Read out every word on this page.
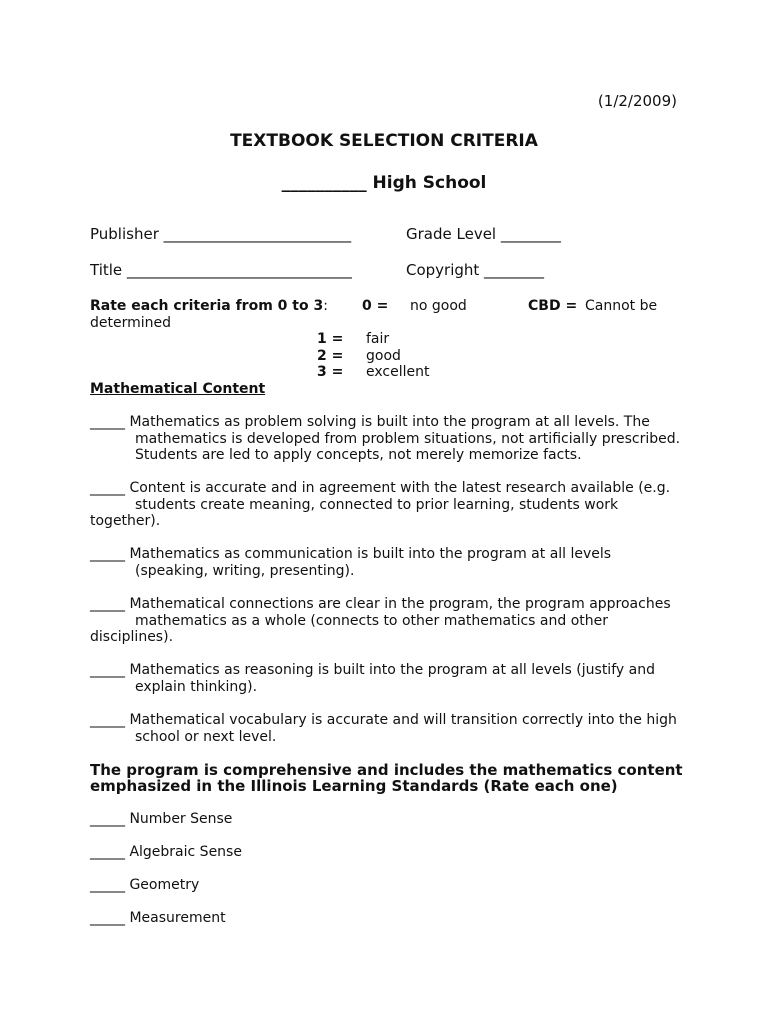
(1/2/2009)
TEXTBOOK SELECTION CRITERIA
__________ High School
Publisher _________________________	Grade Level ________
Title ______________________________	Copyright ________
Rate each criteria from 0 to 3: 0 = no good	CBD = Cannot be
determined
1 = fair
2 = good
3 = excellent
Mathematical Content
_____ Mathematics as problem solving is built into the program at all levels. The
mathematics is developed from problem situations, not artificially prescribed.
Students are led to apply concepts, not merely memorize facts.
_____ Content is accurate and in agreement with the latest research available (e.g.
students create meaning, connected to prior learning, students work
together).
_____ Mathematics as communication is built into the program at all levels
(speaking, writing, presenting).
_____ Mathematical connections are clear in the program, the program approaches
mathematics as a whole (connects to other mathematics and other
disciplines).
_____ Mathematics as reasoning is built into the program at all levels (justify and
explain thinking).
_____ Mathematical vocabulary is accurate and will transition correctly into the high
school or next level.
The program is comprehensive and includes the mathematics content
emphasized in the Illinois Learning Standards (Rate each one)
_____ Number Sense
_____ Algebraic Sense
_____ Geometry
_____ Measurement
